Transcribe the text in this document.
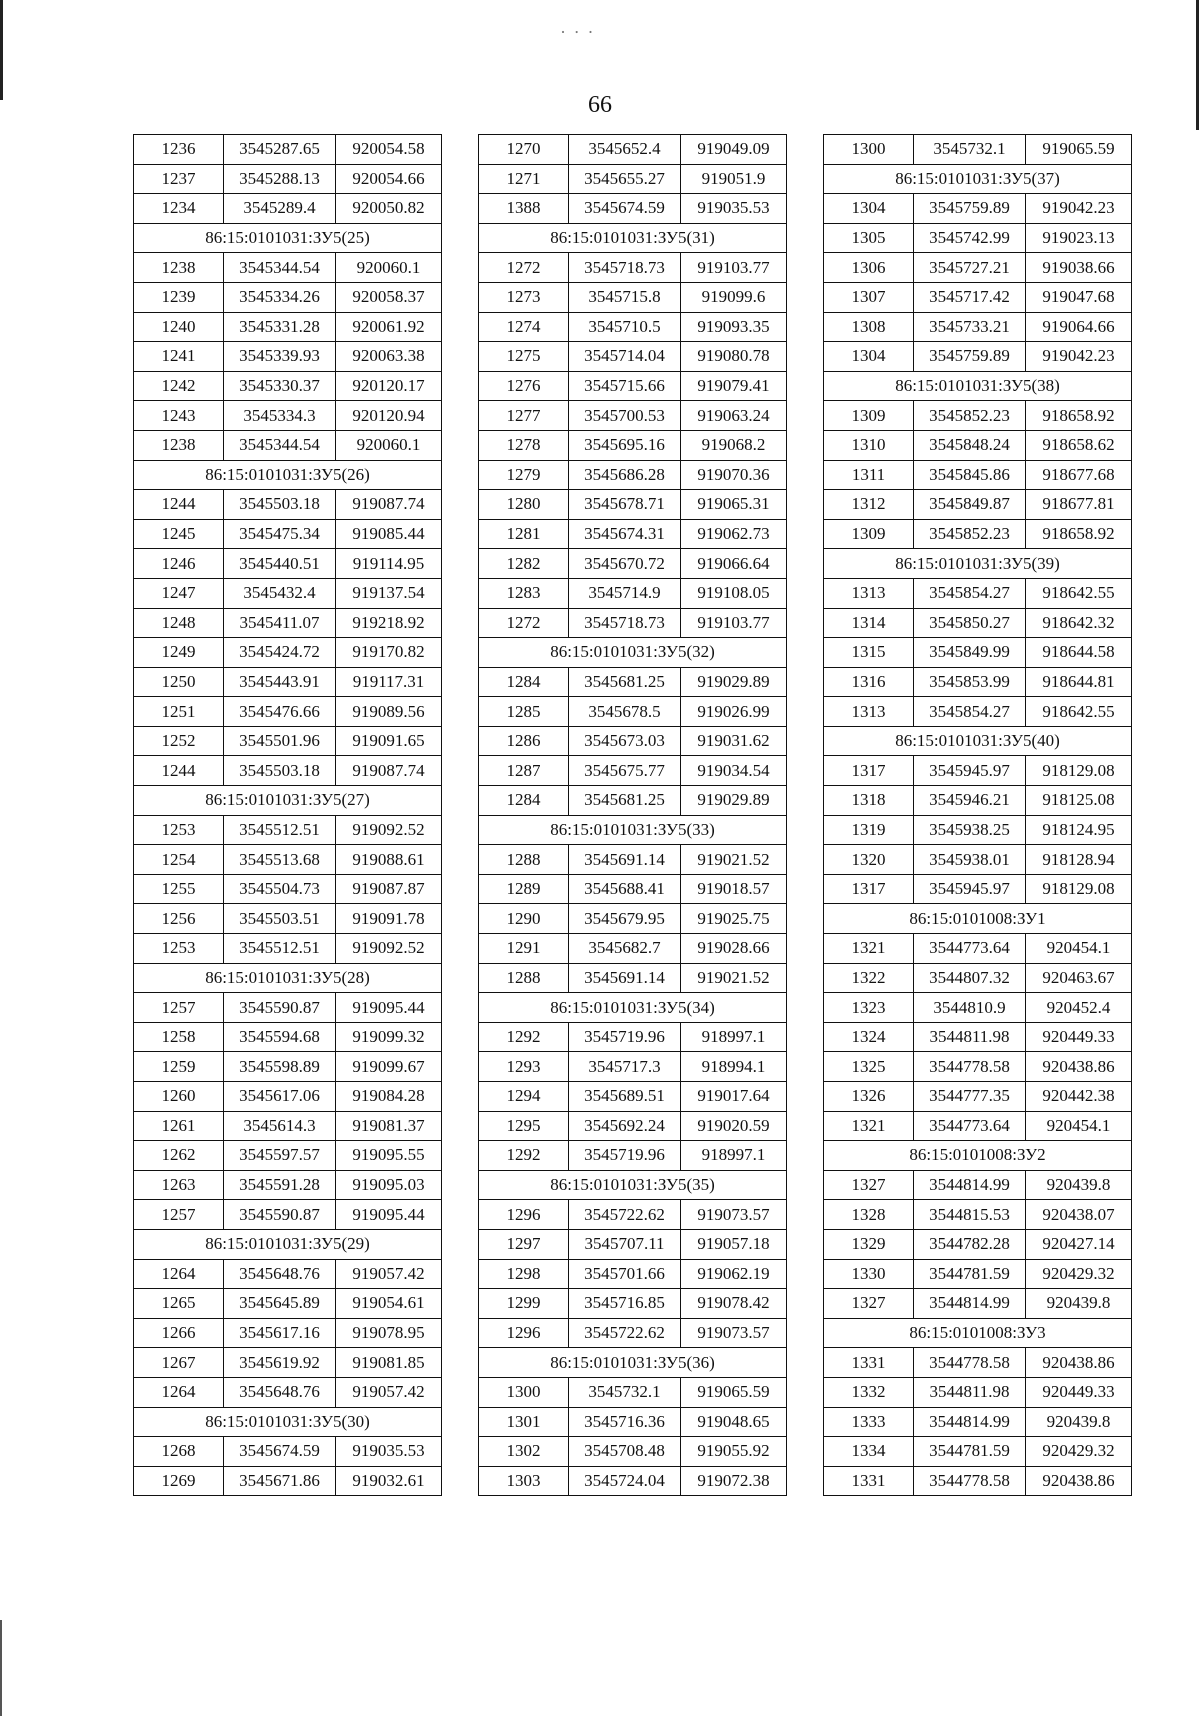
· ∙ ·
66
1236	3545287.65	920054.58
1237	3545288.13	920054.66
1234	3545289.4	920050.82
86:15:0101031:ЗУ5(25)		
1238	3545344.54	920060.1
1239	3545334.26	920058.37
1240	3545331.28	920061.92
1241	3545339.93	920063.38
1242	3545330.37	920120.17
1243	3545334.3	920120.94
1238	3545344.54	920060.1
86:15:0101031:ЗУ5(26)		
1244	3545503.18	919087.74
1245	3545475.34	919085.44
1246	3545440.51	919114.95
1247	3545432.4	919137.54
1248	3545411.07	919218.92
1249	3545424.72	919170.82
1250	3545443.91	919117.31
1251	3545476.66	919089.56
1252	3545501.96	919091.65
1244	3545503.18	919087.74
86:15:0101031:ЗУ5(27)		
1253	3545512.51	919092.52
1254	3545513.68	919088.61
1255	3545504.73	919087.87
1256	3545503.51	919091.78
1253	3545512.51	919092.52
86:15:0101031:ЗУ5(28)		
1257	3545590.87	919095.44
1258	3545594.68	919099.32
1259	3545598.89	919099.67
1260	3545617.06	919084.28
1261	3545614.3	919081.37
1262	3545597.57	919095.55
1263	3545591.28	919095.03
1257	3545590.87	919095.44
86:15:0101031:ЗУ5(29)		
1264	3545648.76	919057.42
1265	3545645.89	919054.61
1266	3545617.16	919078.95
1267	3545619.92	919081.85
1264	3545648.76	919057.42
86:15:0101031:ЗУ5(30)		
1268	3545674.59	919035.53
1269	3545671.86	919032.61
1270	3545652.4	919049.09
1271	3545655.27	919051.9
1388	3545674.59	919035.53
86:15:0101031:ЗУ5(31)		
1272	3545718.73	919103.77
1273	3545715.8	919099.6
1274	3545710.5	919093.35
1275	3545714.04	919080.78
1276	3545715.66	919079.41
1277	3545700.53	919063.24
1278	3545695.16	919068.2
1279	3545686.28	919070.36
1280	3545678.71	919065.31
1281	3545674.31	919062.73
1282	3545670.72	919066.64
1283	3545714.9	919108.05
1272	3545718.73	919103.77
86:15:0101031:ЗУ5(32)		
1284	3545681.25	919029.89
1285	3545678.5	919026.99
1286	3545673.03	919031.62
1287	3545675.77	919034.54
1284	3545681.25	919029.89
86:15:0101031:ЗУ5(33)		
1288	3545691.14	919021.52
1289	3545688.41	919018.57
1290	3545679.95	919025.75
1291	3545682.7	919028.66
1288	3545691.14	919021.52
86:15:0101031:ЗУ5(34)		
1292	3545719.96	918997.1
1293	3545717.3	918994.1
1294	3545689.51	919017.64
1295	3545692.24	919020.59
1292	3545719.96	918997.1
86:15:0101031:ЗУ5(35)		
1296	3545722.62	919073.57
1297	3545707.11	919057.18
1298	3545701.66	919062.19
1299	3545716.85	919078.42
1296	3545722.62	919073.57
86:15:0101031:ЗУ5(36)		
1300	3545732.1	919065.59
1301	3545716.36	919048.65
1302	3545708.48	919055.92
1303	3545724.04	919072.38
1300	3545732.1	919065.59
86:15:0101031:ЗУ5(37)		
1304	3545759.89	919042.23
1305	3545742.99	919023.13
1306	3545727.21	919038.66
1307	3545717.42	919047.68
1308	3545733.21	919064.66
1304	3545759.89	919042.23
86:15:0101031:ЗУ5(38)		
1309	3545852.23	918658.92
1310	3545848.24	918658.62
1311	3545845.86	918677.68
1312	3545849.87	918677.81
1309	3545852.23	918658.92
86:15:0101031:ЗУ5(39)		
1313	3545854.27	918642.55
1314	3545850.27	918642.32
1315	3545849.99	918644.58
1316	3545853.99	918644.81
1313	3545854.27	918642.55
86:15:0101031:ЗУ5(40)		
1317	3545945.97	918129.08
1318	3545946.21	918125.08
1319	3545938.25	918124.95
1320	3545938.01	918128.94
1317	3545945.97	918129.08
86:15:0101008:ЗУ1		
1321	3544773.64	920454.1
1322	3544807.32	920463.67
1323	3544810.9	920452.4
1324	3544811.98	920449.33
1325	3544778.58	920438.86
1326	3544777.35	920442.38
1321	3544773.64	920454.1
86:15:0101008:ЗУ2		
1327	3544814.99	920439.8
1328	3544815.53	920438.07
1329	3544782.28	920427.14
1330	3544781.59	920429.32
1327	3544814.99	920439.8
86:15:0101008:ЗУ3		
1331	3544778.58	920438.86
1332	3544811.98	920449.33
1333	3544814.99	920439.8
1334	3544781.59	920429.32
1331	3544778.58	920438.86
